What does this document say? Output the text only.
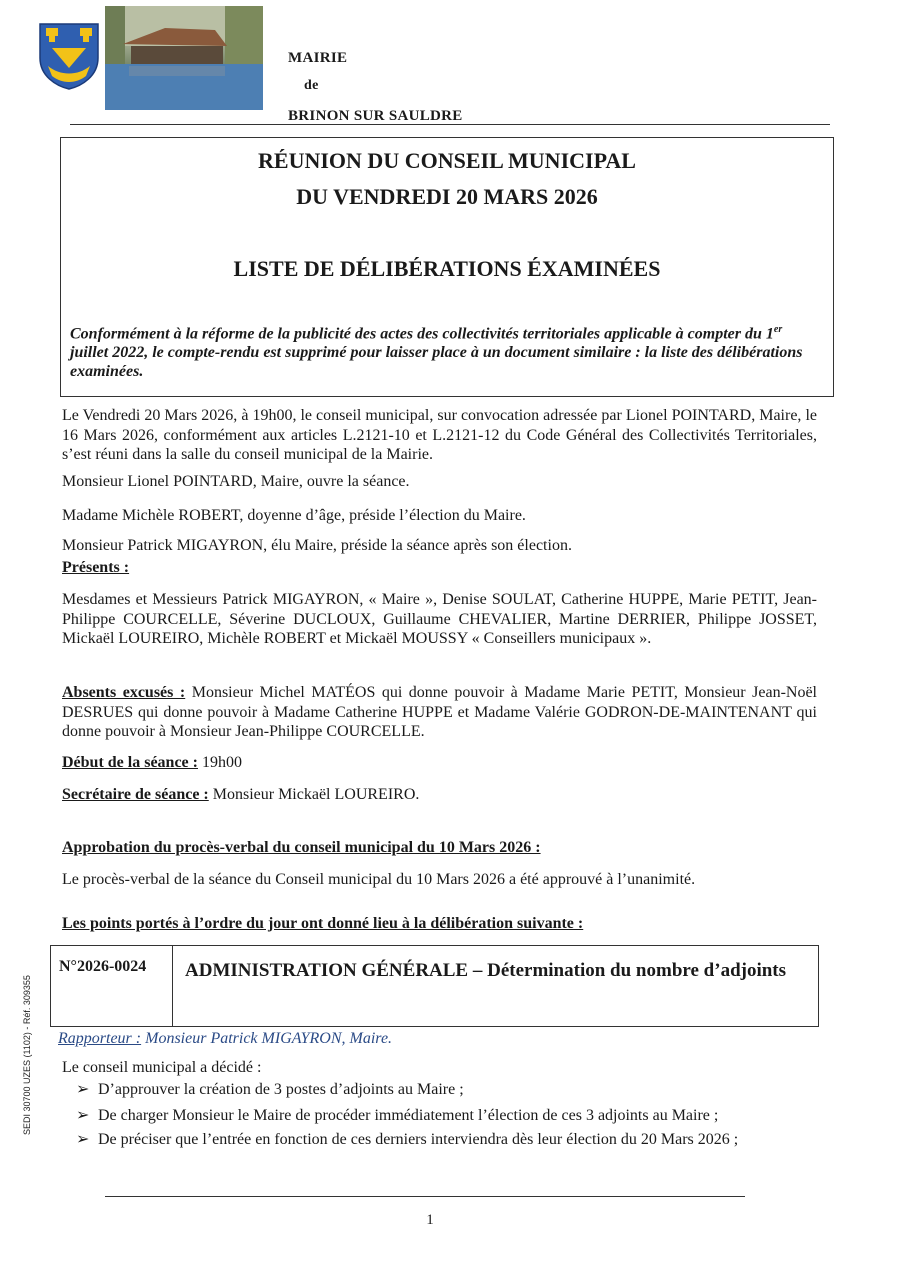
MAIRIE
de
BRINON SUR SAULDRE
RÉUNION DU CONSEIL MUNICIPAL
DU VENDREDI 20 MARS 2026
LISTE DE DÉLIBÉRATIONS ÉXAMINÉES
Conformément à la réforme de la publicité des actes des collectivités territoriales applicable à compter du 1er juillet 2022, le compte-rendu est supprimé pour laisser place à un document similaire : la liste des délibérations examinées.
Le Vendredi 20 Mars 2026, à 19h00, le conseil municipal, sur convocation adressée par Lionel POINTARD, Maire, le 16 Mars 2026, conformément aux articles L.2121-10 et L.2121-12 du Code Général des Collectivités Territoriales, s’est réuni dans la salle du conseil municipal de la Mairie.
Monsieur Lionel POINTARD, Maire, ouvre la séance.
Madame Michèle ROBERT, doyenne d’âge, préside l’élection du Maire.
Monsieur Patrick MIGAYRON, élu Maire, préside la séance après son élection.
Présents :
Mesdames et Messieurs Patrick MIGAYRON, « Maire », Denise SOULAT, Catherine HUPPE, Marie PETIT, Jean-Philippe COURCELLE, Séverine DUCLOUX, Guillaume CHEVALIER, Martine DERRIER, Philippe JOSSET, Mickaël LOUREIRO, Michèle ROBERT et Mickaël MOUSSY « Conseillers municipaux ».
Absents excusés : Monsieur Michel MATÉOS qui donne pouvoir à Madame Marie PETIT, Monsieur Jean-Noël DESRUES qui donne pouvoir à Madame Catherine HUPPE et Madame Valérie GODRON-DE-MAINTENANT qui donne pouvoir à Monsieur Jean-Philippe COURCELLE.
Début de la séance : 19h00
Secrétaire de séance : Monsieur Mickaël LOUREIRO.
Approbation du procès-verbal du conseil municipal du 10 Mars 2026 :
Le procès-verbal de la séance du Conseil municipal du 10 Mars 2026 a été approuvé à l’unanimité.
Les points portés à l’ordre du jour ont donné lieu à la délibération suivante :
N°2026-0024	ADMINISTRATION GÉNÉRALE – Détermination du nombre d’adjoints
Rapporteur : Monsieur Patrick MIGAYRON, Maire.
Le conseil municipal a décidé :
➢ D’approuver la création de 3 postes d’adjoints au Maire ;
➢ De charger Monsieur le Maire de procéder immédiatement l’élection de ces 3 adjoints au Maire ;
➢ De préciser que l’entrée en fonction de ces derniers interviendra dès leur élection du 20 Mars 2026 ;
SEDI 30700 UZES (1102) - Réf. 309355
1
